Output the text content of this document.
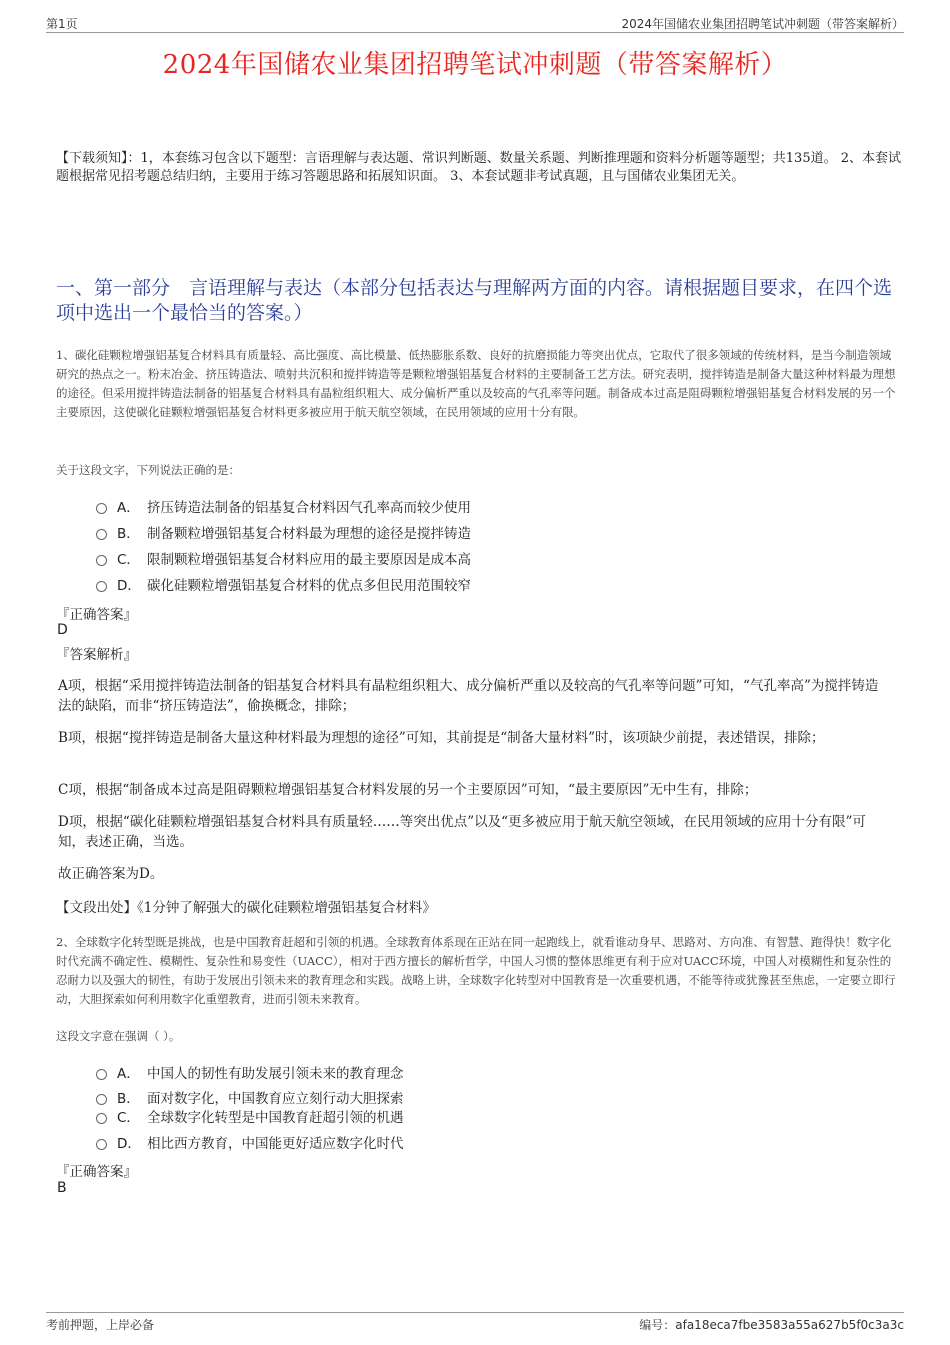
第1页	2024年国储农业集团招聘笔试冲刺题（带答案解析）
2024年国储农业集团招聘笔试冲刺题（带答案解析）
【下载须知】：1，本套练习包含以下题型：言语理解与表达题、常识判断题、数量关系题、判断推理题和资料分析题等题型；共135道。 2、本套试题根据常见招考题总结归纳，主要用于练习答题思路和拓展知识面。 3、本套试题非考试真题，且与国储农业集团无关。
一、第一部分　言语理解与表达（本部分包括表达与理解两方面的内容。请根据题目要求，在四个选项中选出一个最恰当的答案。）
1、碳化硅颗粒增强铝基复合材料具有质量轻、高比强度、高比模量、低热膨胀系数、良好的抗磨损能力等突出优点，它取代了很多领域的传统材料，是当今制造领域研究的热点之一。粉末冶金、挤压铸造法、喷射共沉积和搅拌铸造等是颗粒增强铝基复合材料的主要制备工艺方法。研究表明，搅拌铸造是制备大量这种材料最为理想的途径。但采用搅拌铸造法制备的铝基复合材料具有晶粒组织粗大、成分偏析严重以及较高的气孔率等问题。制备成本过高是阻碍颗粒增强铝基复合材料发展的另一个主要原因，这使碳化硅颗粒增强铝基复合材料更多被应用于航天航空领域，在民用领域的应用十分有限。
关于这段文字，下列说法正确的是：
A． 挤压铸造法制备的铝基复合材料因气孔率高而较少使用
B． 制备颗粒增强铝基复合材料最为理想的途径是搅拌铸造
C． 限制颗粒增强铝基复合材料应用的最主要原因是成本高
D． 碳化硅颗粒增强铝基复合材料的优点多但民用范围较窄
『正确答案』
D
『答案解析』
A项，根据“采用搅拌铸造法制备的铝基复合材料具有晶粒组织粗大、成分偏析严重以及较高的气孔率等问题”可知，“气孔率高”为搅拌铸造法的缺陷，而非“挤压铸造法”，偷换概念，排除；
B项，根据“搅拌铸造是制备大量这种材料最为理想的途径”可知，其前提是“制备大量材料”时，该项缺少前提，表述错误，排除；
C项，根据“制备成本过高是阻碍颗粒增强铝基复合材料发展的另一个主要原因”可知，“最主要原因”无中生有，排除；
D项，根据“碳化硅颗粒增强铝基复合材料具有质量轻……等突出优点”以及“更多被应用于航天航空领域，在民用领域的应用十分有限”可知，表述正确，当选。
故正确答案为D。
【文段出处】《1分钟了解强大的碳化硅颗粒增强铝基复合材料》
2、全球数字化转型既是挑战，也是中国教育赶超和引领的机遇。全球教育体系现在正站在同一起跑线上，就看谁动身早、思路对、方向准、有智慧、跑得快！数字化时代充满不确定性、模糊性、复杂性和易变性（UACC），相对于西方擅长的解析哲学，中国人习惯的整体思维更有利于应对UACC环境，中国人对模糊性和复杂性的忍耐力以及强大的韧性，有助于发展出引领未来的教育理念和实践。战略上讲，全球数字化转型对中国教育是一次重要机遇，不能等待或犹豫甚至焦虑，一定要立即行动，大胆探索如何利用数字化重塑教育，进而引领未来教育。
这段文字意在强调（ ）。
A． 中国人的韧性有助发展引领未来的教育理念
B． 面对数字化，中国教育应立刻行动大胆探索
C． 全球数字化转型是中国教育赶超引领的机遇
D． 相比西方教育，中国能更好适应数字化时代
『正确答案』
B
考前押题，上岸必备	编号：afa18eca7fbe3583a55a627b5f0c3a3c
